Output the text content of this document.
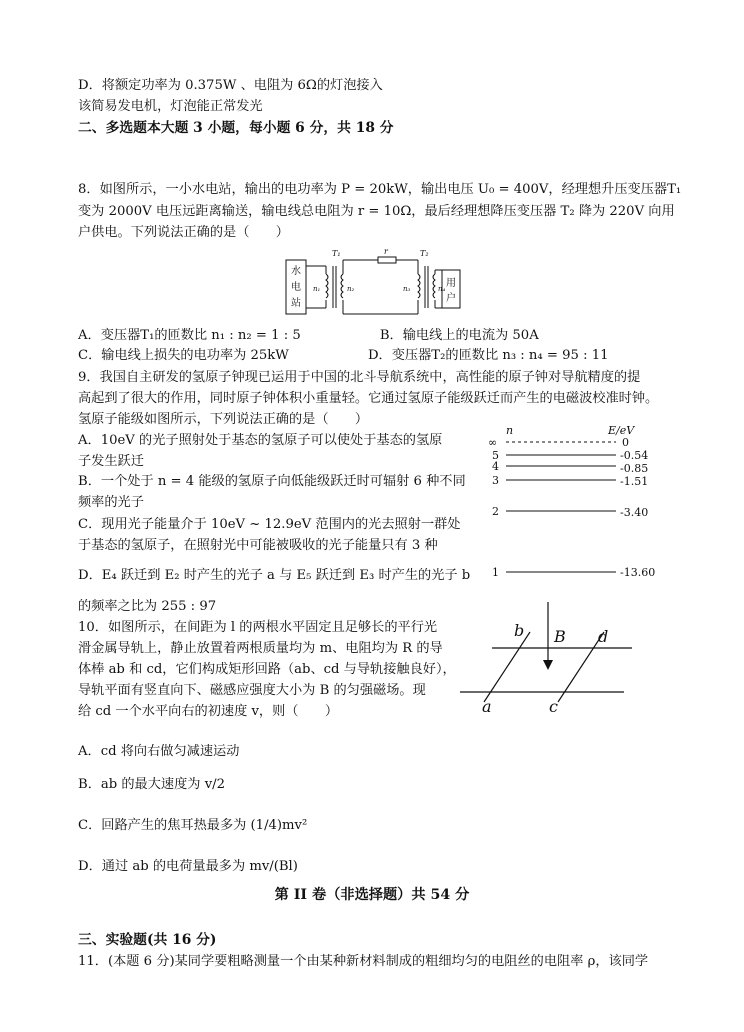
D．将额定功率为 0.375W 、电阻为 6Ω的灯泡接入
该简易发电机，灯泡能正常发光
二、多选题本大题 3 小题，每小题 6 分，共 18 分
8．如图所示，一小水电站，输出的电功率为 P = 20kW，输出电压 U₀ = 400V，经理想升压变压器T₁
变为 2000V 电压远距离输送，输电线总电阻为 r = 10Ω，最后经理想降压变压器 T₂ 降为 220V 向用
户供电。下列说法正确的是（　　）
A．变压器T₁的匝数比 n₁ : n₂ = 1 : 5　　　　　　B．输电线上的电流为 50A
C．输电线上损失的电功率为 25kW　　　　　　D．变压器T₂的匝数比 n₃ : n₄ = 95 : 11
9．我国自主研发的氢原子钟现已运用于中国的北斗导航系统中，高性能的原子钟对导航精度的提
高起到了很大的作用，同时原子钟体积小重量轻。它通过氢原子能级跃迁而产生的电磁波校准时钟。
氢原子能级如图所示，下列说法正确的是（　　）
A．10eV 的光子照射处于基态的氢原子可以使处于基态的氢原
子发生跃迁
B．一个处于 n = 4 能级的氢原子向低能级跃迁时可辐射 6 种不同
频率的光子
C．现用光子能量介于 10eV ~ 12.9eV 范围内的光去照射一群处
于基态的氢原子，在照射光中可能被吸收的光子能量只有 3 种
D．E₄ 跃迁到 E₂ 时产生的光子 a 与 E₅ 跃迁到 E₃ 时产生的光子 b
的频率之比为 255 : 97
10．如图所示，在间距为 l 的两根水平固定且足够长的平行光
滑金属导轨上，静止放置着两根质量均为 m、电阻均为 R 的导
体棒 ab 和 cd，它们构成矩形回路（ab、cd 与导轨接触良好），
导轨平面有竖直向下、磁感应强度大小为 B 的匀强磁场。现
给 cd 一个水平向右的初速度 v，则（　　）
A．cd 将向右做匀减速运动
B．ab 的最大速度为 v/2
C．回路产生的焦耳热最多为 (1/4)mv²
D．通过 ab 的电荷量最多为 mv/(Bl)
三、实验题(共 16 分)
11．(本题 6 分)某同学要粗略测量一个由某种新材料制成的粗细均匀的电阻丝的电阻率 ρ，该同学
第 II 卷（非选择题）共 54 分
水
电
站
用
户
T₁	T₂
r
n₁	n₂	n₃	n₄
n	E/eV
∞	0
5	-0.54
4	-0.85
3	-1.51
2	-3.40
1	-13.60
b B d
a	c
